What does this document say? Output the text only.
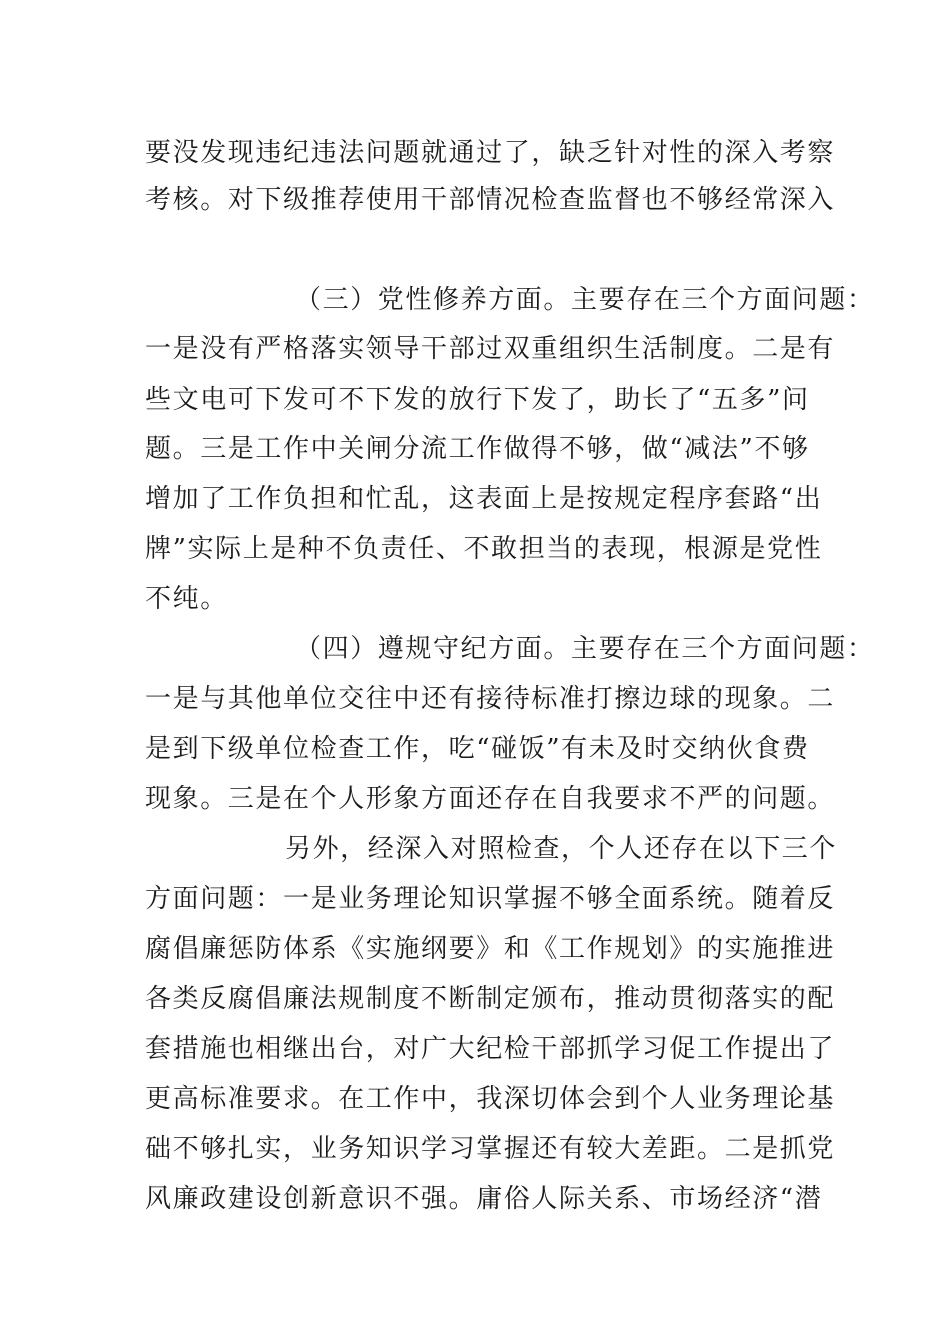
要没发现违纪违法问题就通过了，缺乏针对性的深入考察

考核。对下级推荐使用干部情况检查监督也不够经常深入

（三）党性修养方面。主要存在三个方面问题：

一是没有严格落实领导干部过双重组织生活制度。二是有

些文电可下发可不下发的放行下发了，助长了“五多”问

题。三是工作中关闸分流工作做得不够，做“减法”不够

增加了工作负担和忙乱，这表面上是按规定程序套路“出

牌”实际上是种不负责任、不敢担当的表现，根源是党性

不纯。

（四）遵规守纪方面。主要存在三个方面问题：

一是与其他单位交往中还有接待标准打擦边球的现象。二

是到下级单位检查工作，吃“碰饭”有未及时交纳伙食费

现象。三是在个人形象方面还存在自我要求不严的问题。

另外，经深入对照检查，个人还存在以下三个

方面问题：一是业务理论知识掌握不够全面系统。随着反

腐倡廉惩防体系《实施纲要》和《工作规划》的实施推进

各类反腐倡廉法规制度不断制定颁布，推动贯彻落实的配

套措施也相继出台，对广大纪检干部抓学习促工作提出了

更高标准要求。在工作中，我深切体会到个人业务理论基

础不够扎实，业务知识学习掌握还有较大差距。二是抓党

风廉政建设创新意识不强。庸俗人际关系、市场经济“潜
